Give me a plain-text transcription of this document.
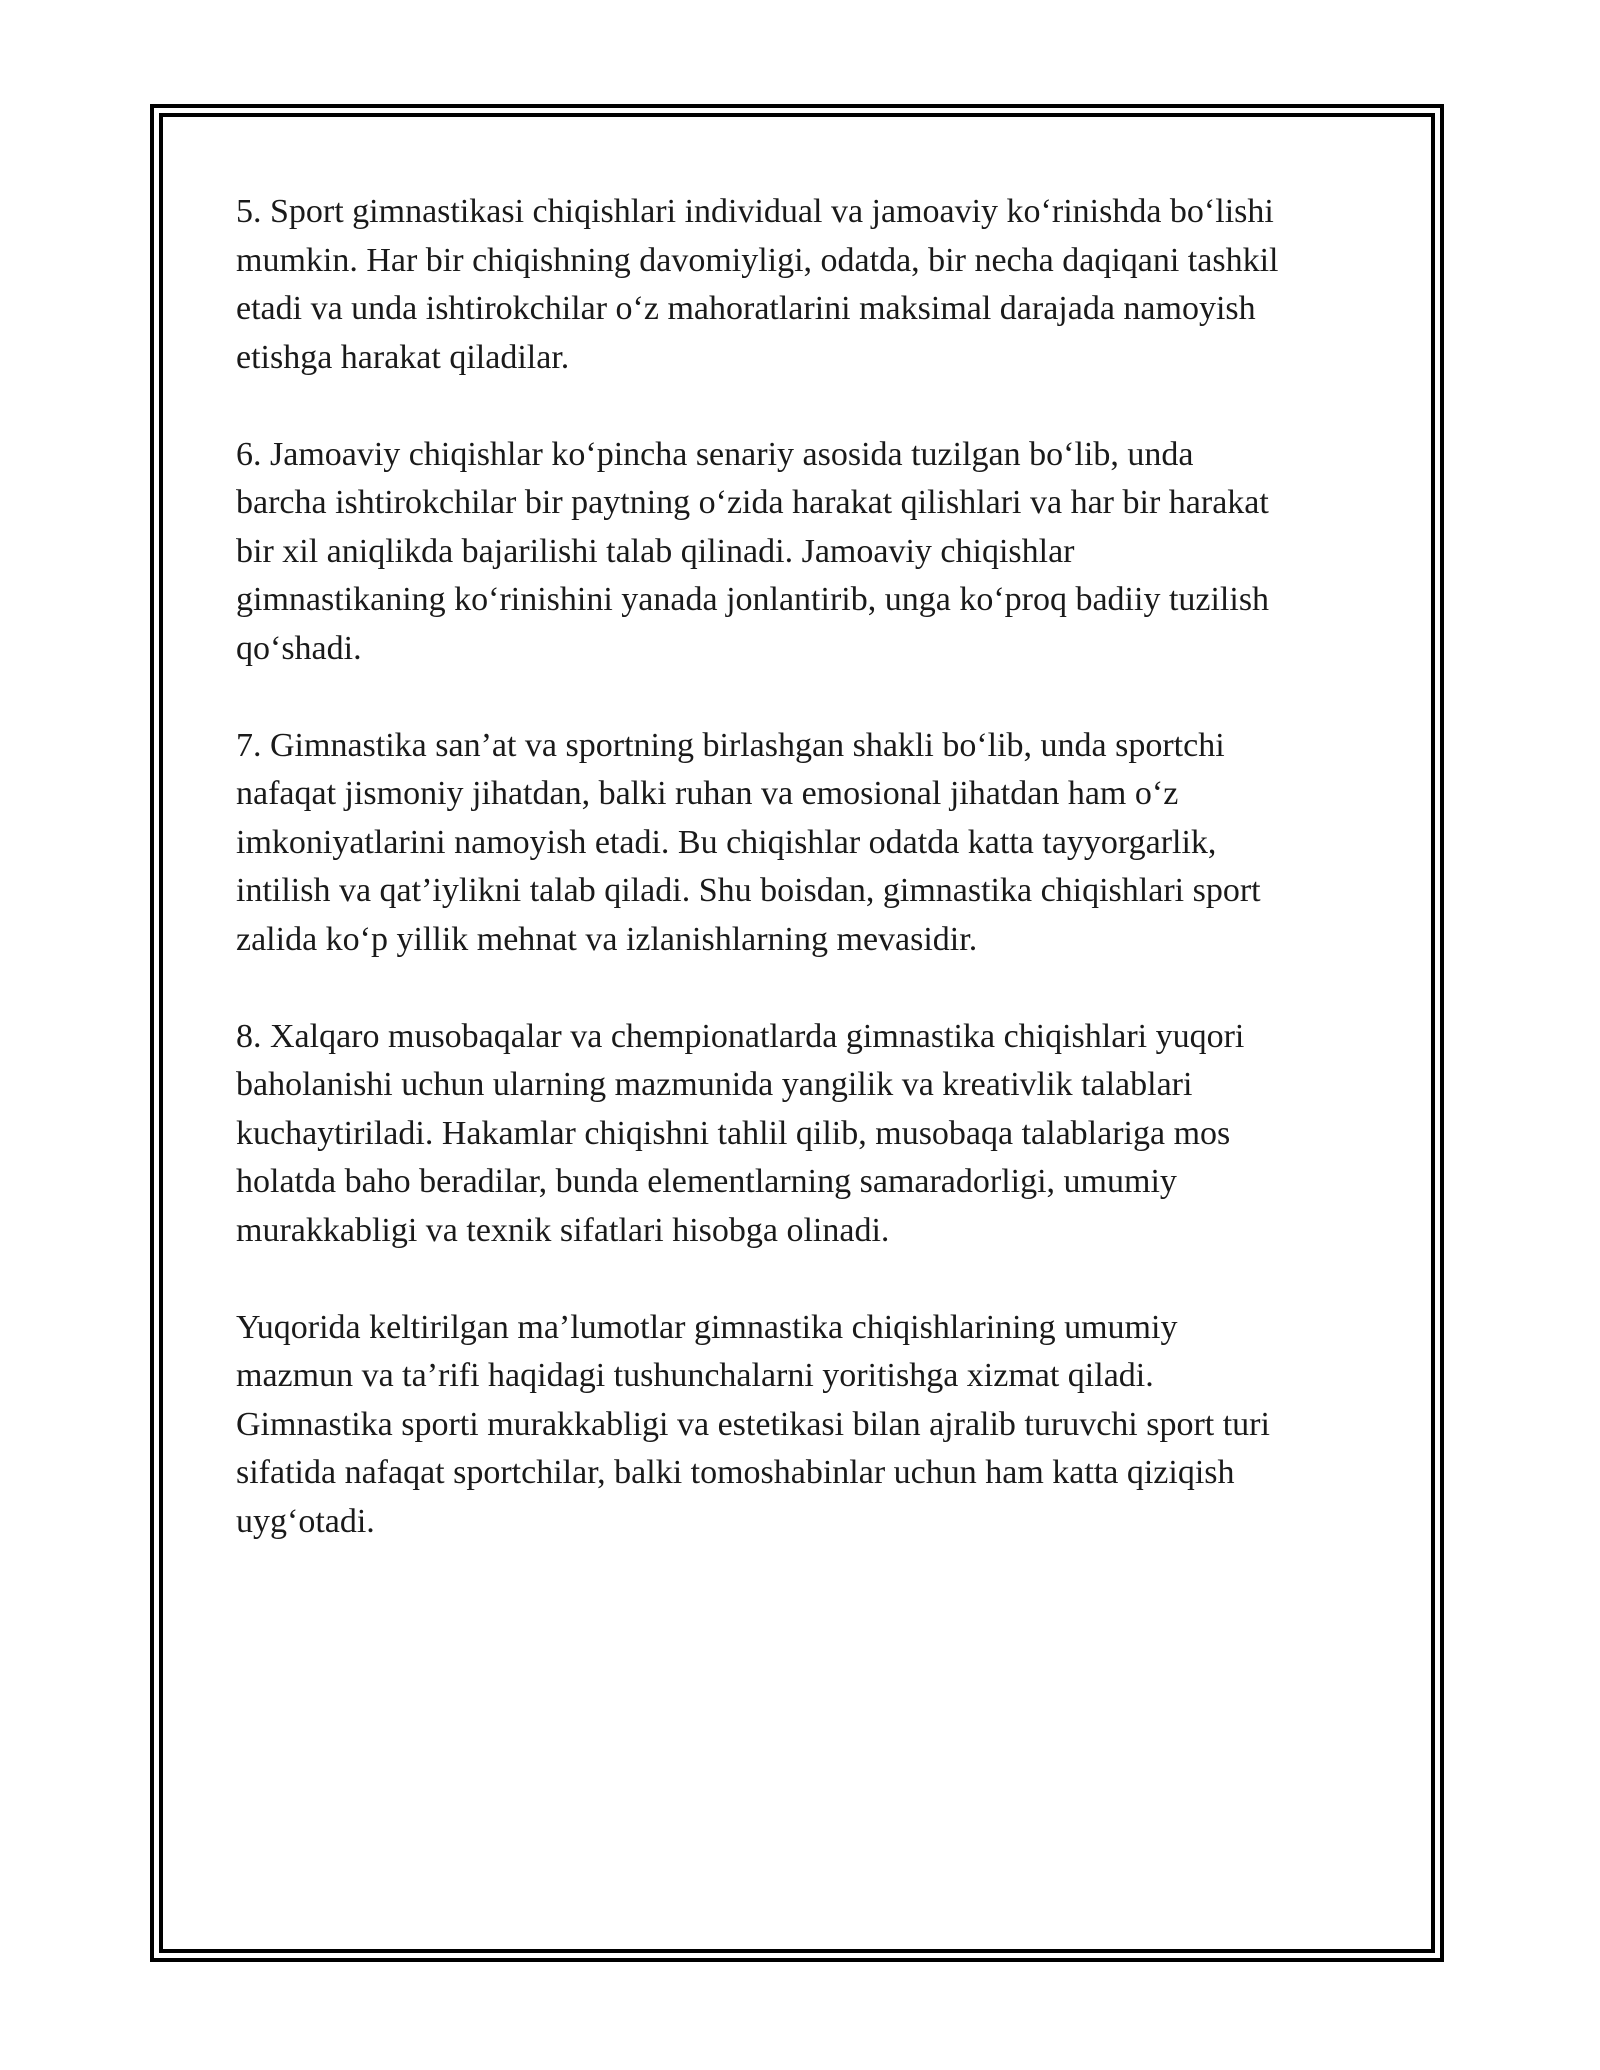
5. Sport gimnastikasi chiqishlari individual va jamoaviy koʻrinishda boʻlishi
mumkin. Har bir chiqishning davomiyligi, odatda, bir necha daqiqani tashkil
etadi va unda ishtirokchilar oʻz mahoratlarini maksimal darajada namoyish
etishga harakat qiladilar.

6. Jamoaviy chiqishlar koʻpincha senariy asosida tuzilgan boʻlib, unda
barcha ishtirokchilar bir paytning oʻzida harakat qilishlari va har bir harakat
bir xil aniqlikda bajarilishi talab qilinadi. Jamoaviy chiqishlar
gimnastikaning koʻrinishini yanada jonlantirib, unga koʻproq badiiy tuzilish
qoʻshadi.

7. Gimnastika san’at va sportning birlashgan shakli boʻlib, unda sportchi
nafaqat jismoniy jihatdan, balki ruhan va emosional jihatdan ham oʻz
imkoniyatlarini namoyish etadi. Bu chiqishlar odatda katta tayyorgarlik,
intilish va qat’iylikni talab qiladi. Shu boisdan, gimnastika chiqishlari sport
zalida koʻp yillik mehnat va izlanishlarning mevasidir.

8. Xalqaro musobaqalar va chempionatlarda gimnastika chiqishlari yuqori
baholanishi uchun ularning mazmunida yangilik va kreativlik talablari
kuchaytiriladi. Hakamlar chiqishni tahlil qilib, musobaqa talablariga mos
holatda baho beradilar, bunda elementlarning samaradorligi, umumiy
murakkabligi va texnik sifatlari hisobga olinadi.

Yuqorida keltirilgan ma’lumotlar gimnastika chiqishlarining umumiy
mazmun va ta’rifi haqidagi tushunchalarni yoritishga xizmat qiladi.
Gimnastika sporti murakkabligi va estetikasi bilan ajralib turuvchi sport turi
sifatida nafaqat sportchilar, balki tomoshabinlar uchun ham katta qiziqish
uygʻotadi.
